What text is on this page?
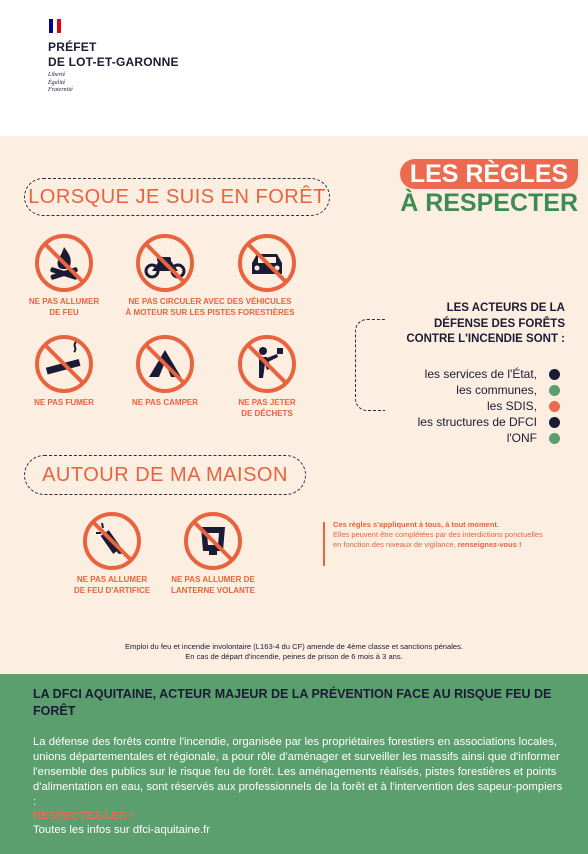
PRÉFET
DE LOT-ET-GARONNE
Liberté
Égalité
Fraternité
LES RÈGLES
À RESPECTER
LORSQUE JE SUIS EN FORÊT
NE PAS ALLUMER
DE FEU
NE PAS CIRCULER AVEC DES VÉHICULES
À MOTEUR SUR LES PISTES FORESTIÈRES
NE PAS FUMER	NE PAS CAMPER	NE PAS JETER
DE DÉCHETS
LES ACTEURS DE LA
DÉFENSE DES FORÊTS
CONTRE L'INCENDIE SONT :
les services de l'État,
les communes,
les SDIS,
les structures de DFCI
l'ONF
AUTOUR DE MA MAISON
NE PAS ALLUMER
DE FEU D'ARTIFICE
NE PAS ALLUMER DE
LANTERNE VOLANTE
Ces règles s'appliquent à tous, à tout moment.
Elles peuvent être complétées par des interdictions ponctuelles en fonction des niveaux de vigilance, renseignez-vous !
Emploi du feu et incendie involontaire (L163-4 du CF) amende de 4ème classe et sanctions pénales.
En cas de départ d'incendie, peines de prison de 6 mois à 3 ans.
LA DFCI AQUITAINE, ACTEUR MAJEUR DE LA PRÉVENTION FACE AU RISQUE FEU DE FORÊT
La défense des forêts contre l'incendie, organisée par les propriétaires forestiers en associations locales, unions départementales et régionale, a pour rôle d'aménager et surveiller les massifs ainsi que d'informer l'ensemble des publics sur le risque feu de forêt. Les aménagements réalisés, pistes forestières et points d'alimentation en eau, sont réservés aux professionnels de la forêt et à l'intervention des sapeur-pompiers :
RESPECTEZ-LES !
Toutes les infos sur dfci-aquitaine.fr
